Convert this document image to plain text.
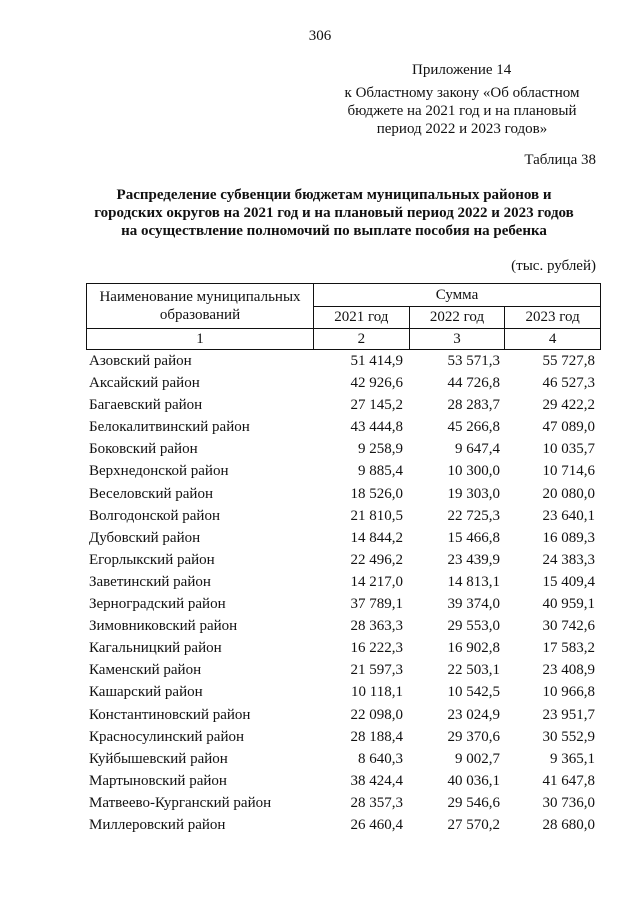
306
Приложение 14
к Областному закону «Об областном
бюджете на 2021 год и на плановый
период 2022 и 2023 годов»
Таблица 38
Распределение субвенции бюджетам муниципальных районов и
городских округов на 2021 год и на плановый период 2022 и 2023 годов
на осуществление полномочий по выплате пособия на ребенка
(тыс. рублей)
Наименование муниципальных
образований	Сумма		
	2021 год	2022 год	2023 год
1	2	3	4
Азовский район	51 414,9	53 571,3	55 727,8
Аксайский район	42 926,6	44 726,8	46 527,3
Багаевский район	27 145,2	28 283,7	29 422,2
Белокалитвинский район	43 444,8	45 266,8	47 089,0
Боковский район	9 258,9	9 647,4	10 035,7
Верхнедонской район	9 885,4	10 300,0	10 714,6
Веселовский район	18 526,0	19 303,0	20 080,0
Волгодонской район	21 810,5	22 725,3	23 640,1
Дубовский район	14 844,2	15 466,8	16 089,3
Егорлыкский район	22 496,2	23 439,9	24 383,3
Заветинский район	14 217,0	14 813,1	15 409,4
Зерноградский район	37 789,1	39 374,0	40 959,1
Зимовниковский район	28 363,3	29 553,0	30 742,6
Кагальницкий район	16 222,3	16 902,8	17 583,2
Каменский район	21 597,3	22 503,1	23 408,9
Кашарский район	10 118,1	10 542,5	10 966,8
Константиновский район	22 098,0	23 024,9	23 951,7
Красносулинский район	28 188,4	29 370,6	30 552,9
Куйбышевский район	8 640,3	9 002,7	9 365,1
Мартыновский район	38 424,4	40 036,1	41 647,8
Матвеево-Курганский район	28 357,3	29 546,6	30 736,0
Миллеровский район	26 460,4	27 570,2	28 680,0
